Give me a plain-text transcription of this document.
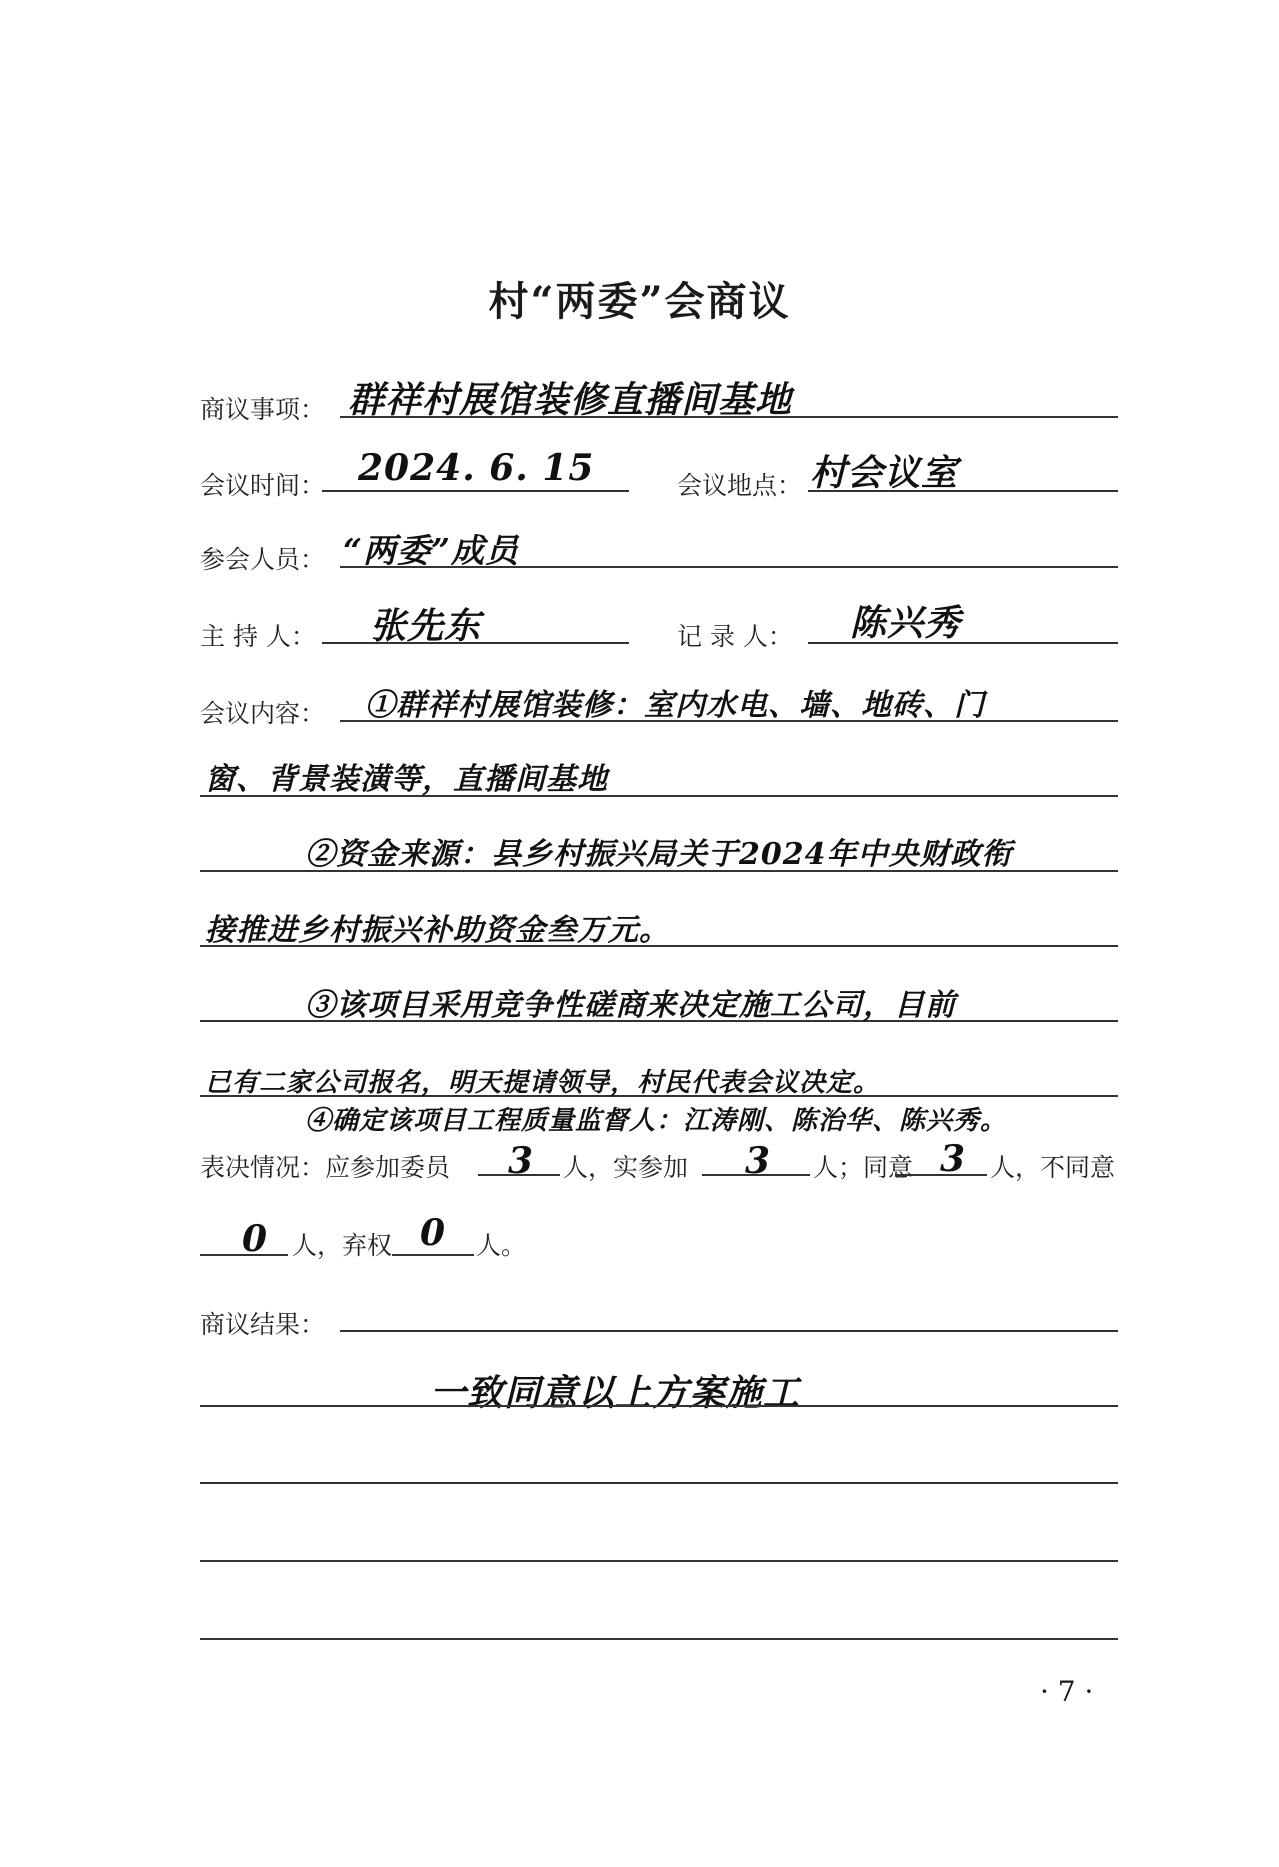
村“两委”会商议
商议事项： 群祥村展馆装修直播间基地
会议时间： 2024. 6. 15	会议地点： 村会议室
参会人员： “两委”成员
主 持 人： 张先东	记 录 人： 陈兴秀
会议内容： ①群祥村展馆装修：室内水电、墙、地砖、门
窗、背景装潢等，直播间基地
②资金来源：县乡村振兴局关于2024年中央财政衔
接推进乡村振兴补助资金叁万元。
③该项目采用竞争性磋商来决定施工公司，目前
已有二家公司报名，明天提请领导，村民代表会议决定。
④确定该项目工程质量监督人：江涛刚、陈治华、陈兴秀。
表决情况：应参加委员 3 人，实参加 3 人；同意 3 人，不同意
0 人，弃权 0 人。
商议结果：
一致同意以上方案施工
· 7 ·
